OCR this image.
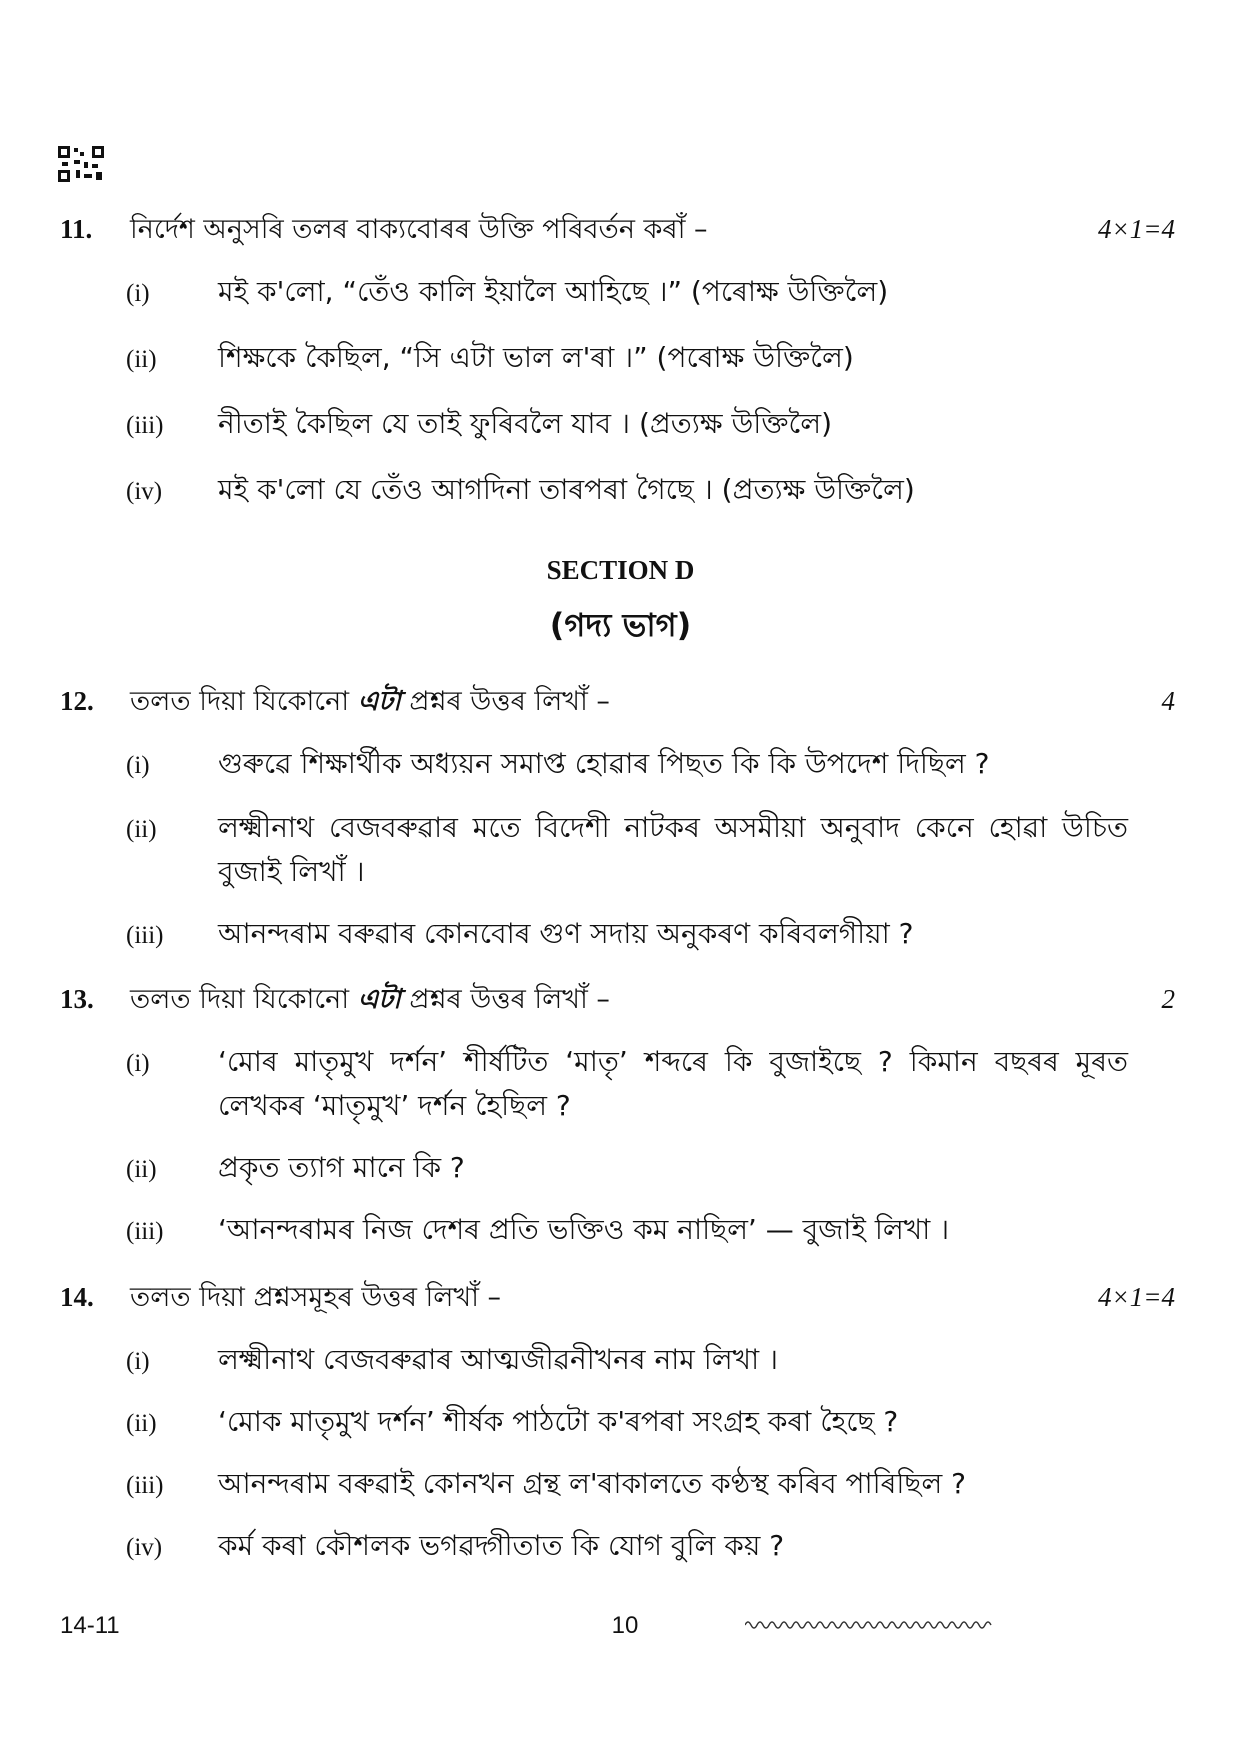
11. নিৰ্দেশ অনুসৰি তলৰ বাক্যবোৰৰ উক্তি পৰিবৰ্তন কৰাঁ –	4×1=4
(i) মই ক'লো, “তেঁও কালি ইয়ালৈ আহিছে ।” (পৰোক্ষ উক্তিলৈ)
(ii) শিক্ষকে কৈছিল, “সি এটা ভাল ল'ৰা ।” (পৰোক্ষ উক্তিলৈ)
(iii) নীতাই কৈছিল যে তাই ফুৰিবলৈ যাব । (প্ৰত্যক্ষ উক্তিলৈ)
(iv) মই ক'লো যে তেঁও আগদিনা তাৰপৰা গৈছে । (প্ৰত্যক্ষ উক্তিলৈ)
SECTION D
(গদ্য ভাগ)
12. তলত দিয়া যিকোনো এটা প্ৰশ্নৰ উত্তৰ লিখাঁ –	4
(i) গুৰুৱে শিক্ষাৰ্থীক অধ্যয়ন সমাপ্ত হোৱাৰ পিছত কি কি উপদেশ দিছিল ?
(ii) লক্ষ্মীনাথ বেজবৰুৱাৰ মতে বিদেশী নাটকৰ অসমীয়া অনুবাদ কেনে হোৱা উচিত বুজাই লিখাঁ ।
(iii) আনন্দৰাম বৰুৱাৰ কোনবোৰ গুণ সদায় অনুকৰণ কৰিবলগীয়া ?
13. তলত দিয়া যিকোনো এটা প্ৰশ্নৰ উত্তৰ লিখাঁ –	2
(i) ‘মোৰ মাতৃমুখ দৰ্শন’ শীৰ্ষটিত ‘মাতৃ’ শব্দৰে কি বুজাইছে ? কিমান বছৰৰ মূৰত লেখকৰ ‘মাতৃমুখ’ দৰ্শন হৈছিল ?
(ii) প্ৰকৃত ত্যাগ মানে কি ?
(iii) ‘আনন্দৰামৰ নিজ দেশৰ প্ৰতি ভক্তিও কম নাছিল’ — বুজাই লিখা ।
14. তলত দিয়া প্ৰশ্নসমূহৰ উত্তৰ লিখাঁ –	4×1=4
(i) লক্ষ্মীনাথ বেজবৰুৱাৰ আত্মজীৱনীখনৰ নাম লিখা ।
(ii) ‘মোক মাতৃমুখ দৰ্শন’ শীৰ্ষক পাঠটো ক'ৰপৰা সংগ্ৰহ কৰা হৈছে ?
(iii) আনন্দৰাম বৰুৱাই কোনখন গ্ৰন্থ ল'ৰাকালতে কণ্ঠস্থ কৰিব পাৰিছিল ?
(iv) কৰ্ম কৰা কৌশলক ভগৱদ্গীতাত কি যোগ বুলি কয় ?
14-11	10
